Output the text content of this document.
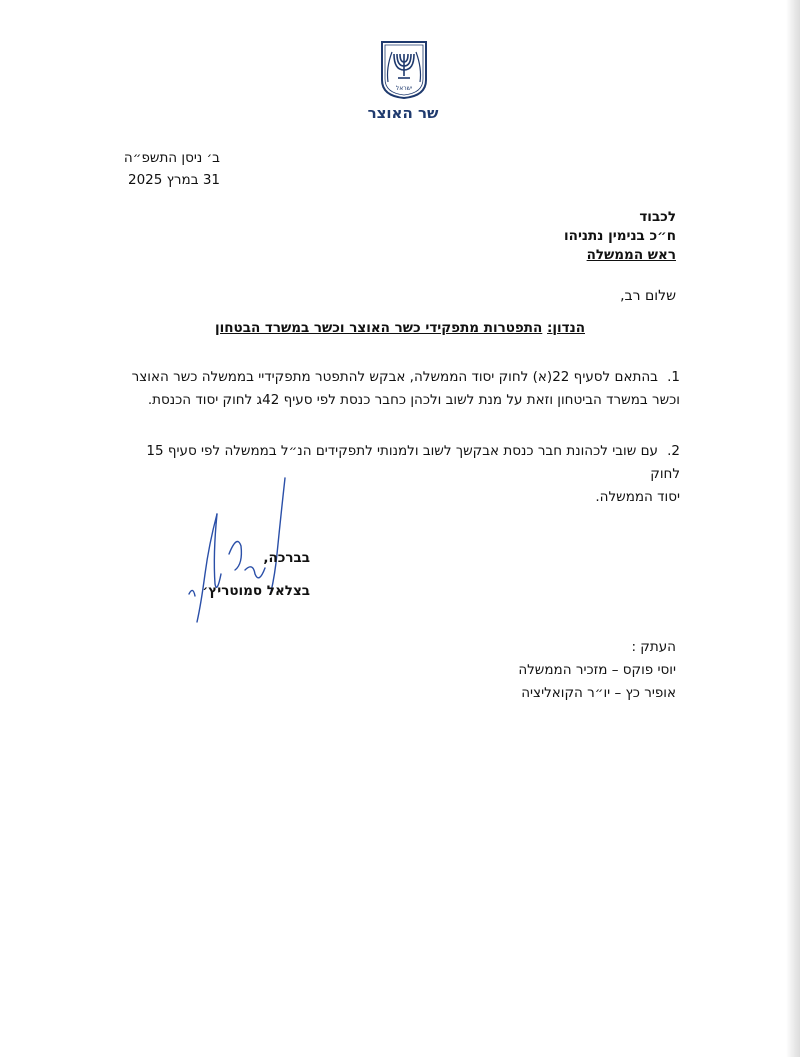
ישראל
שר האוצר
ב׳ ניסן התשפ״ה
31 במרץ 2025
לכבוד
ח״כ בנימין נתניהו
ראש הממשלה
שלום רב,
הנדון: התפטרות מתפקידי כשר האוצר וכשר במשרד הבטחון
1.בהתאם לסעיף 22(א) לחוק יסוד הממשלה, אבקש להתפטר מתפקידיי בממשלה כשר האוצר
וכשר במשרד הביטחון וזאת על מנת לשוב ולכהן כחבר כנסת לפי סעיף 42ג לחוק יסוד הכנסת.
2.עם שובי לכהונת חבר כנסת אבקשך לשוב ולמנותי לתפקידים הנ״ל בממשלה לפי סעיף 15 לחוק
יסוד הממשלה.
בברכה,
בצלאל סמוטריץ׳
העתק :
יוסי פוקס – מזכיר הממשלה
אופיר כץ – יו״ר הקואליציה
